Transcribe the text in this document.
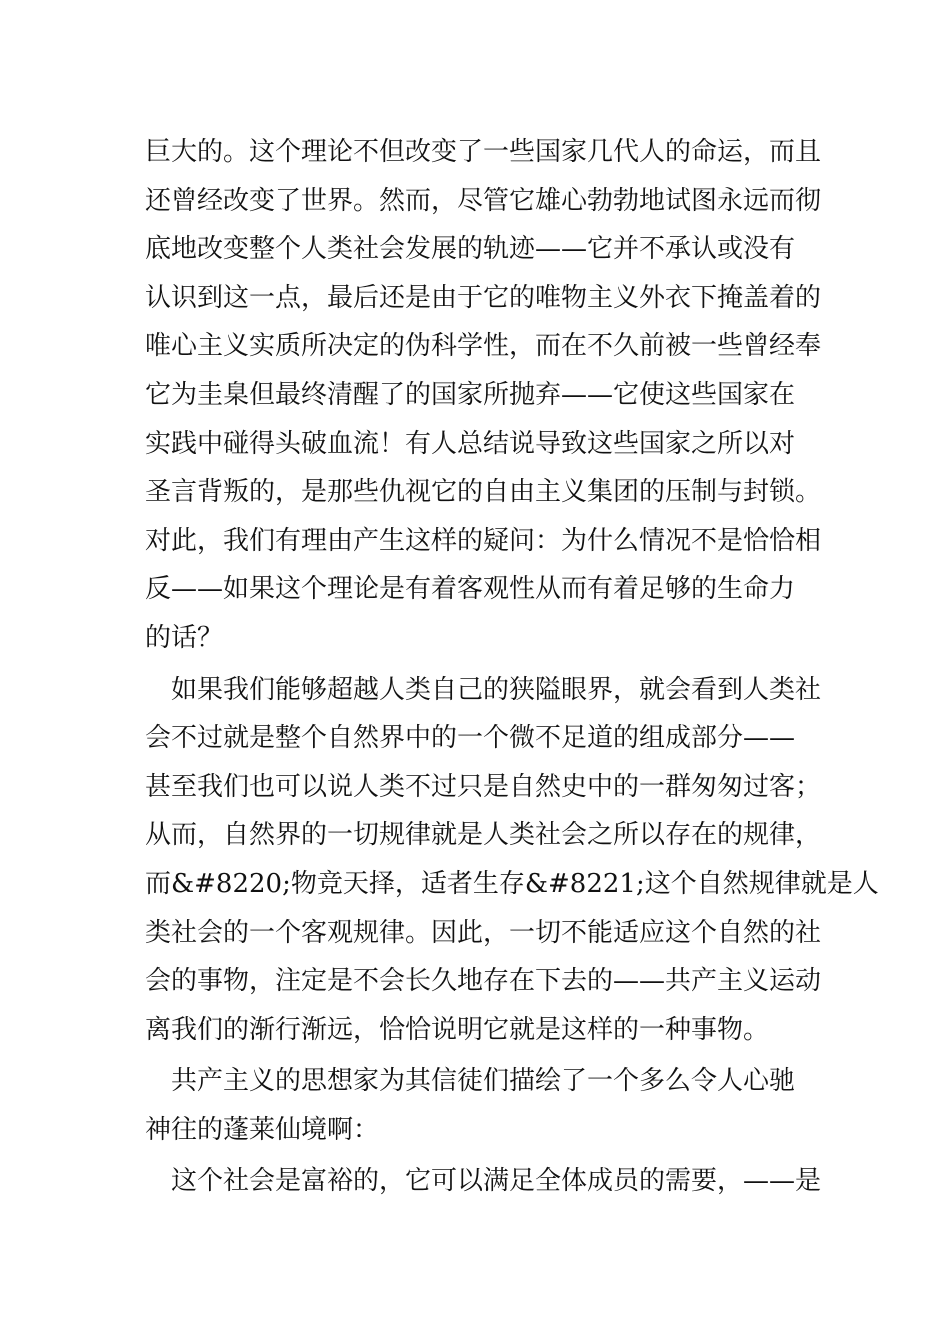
巨大的。这个理论不但改变了一些国家几代人的命运，而且
还曾经改变了世界。然而，尽管它雄心勃勃地试图永远而彻
底地改变整个人类社会发展的轨迹——它并不承认或没有
认识到这一点，最后还是由于它的唯物主义外衣下掩盖着的
唯心主义实质所决定的伪科学性，而在不久前被一些曾经奉
它为圭臬但最终清醒了的国家所抛弃——它使这些国家在
实践中碰得头破血流！有人总结说导致这些国家之所以对
圣言背叛的，是那些仇视它的自由主义集团的压制与封锁。
对此，我们有理由产生这样的疑问：为什么情况不是恰恰相
反——如果这个理论是有着客观性从而有着足够的生命力
的话？
　如果我们能够超越人类自己的狭隘眼界，就会看到人类社
会不过就是整个自然界中的一个微不足道的组成部分——
甚至我们也可以说人类不过只是自然史中的一群匆匆过客；
从而，自然界的一切规律就是人类社会之所以存在的规律，
而&#8220;物竞天择，适者生存&#8221;这个自然规律就是人
类社会的一个客观规律。因此，一切不能适应这个自然的社
会的事物，注定是不会长久地存在下去的——共产主义运动
离我们的渐行渐远，恰恰说明它就是这样的一种事物。
　共产主义的思想家为其信徒们描绘了一个多么令人心驰
神往的蓬莱仙境啊：
　这个社会是富裕的，它可以满足全体成员的需要，——是
